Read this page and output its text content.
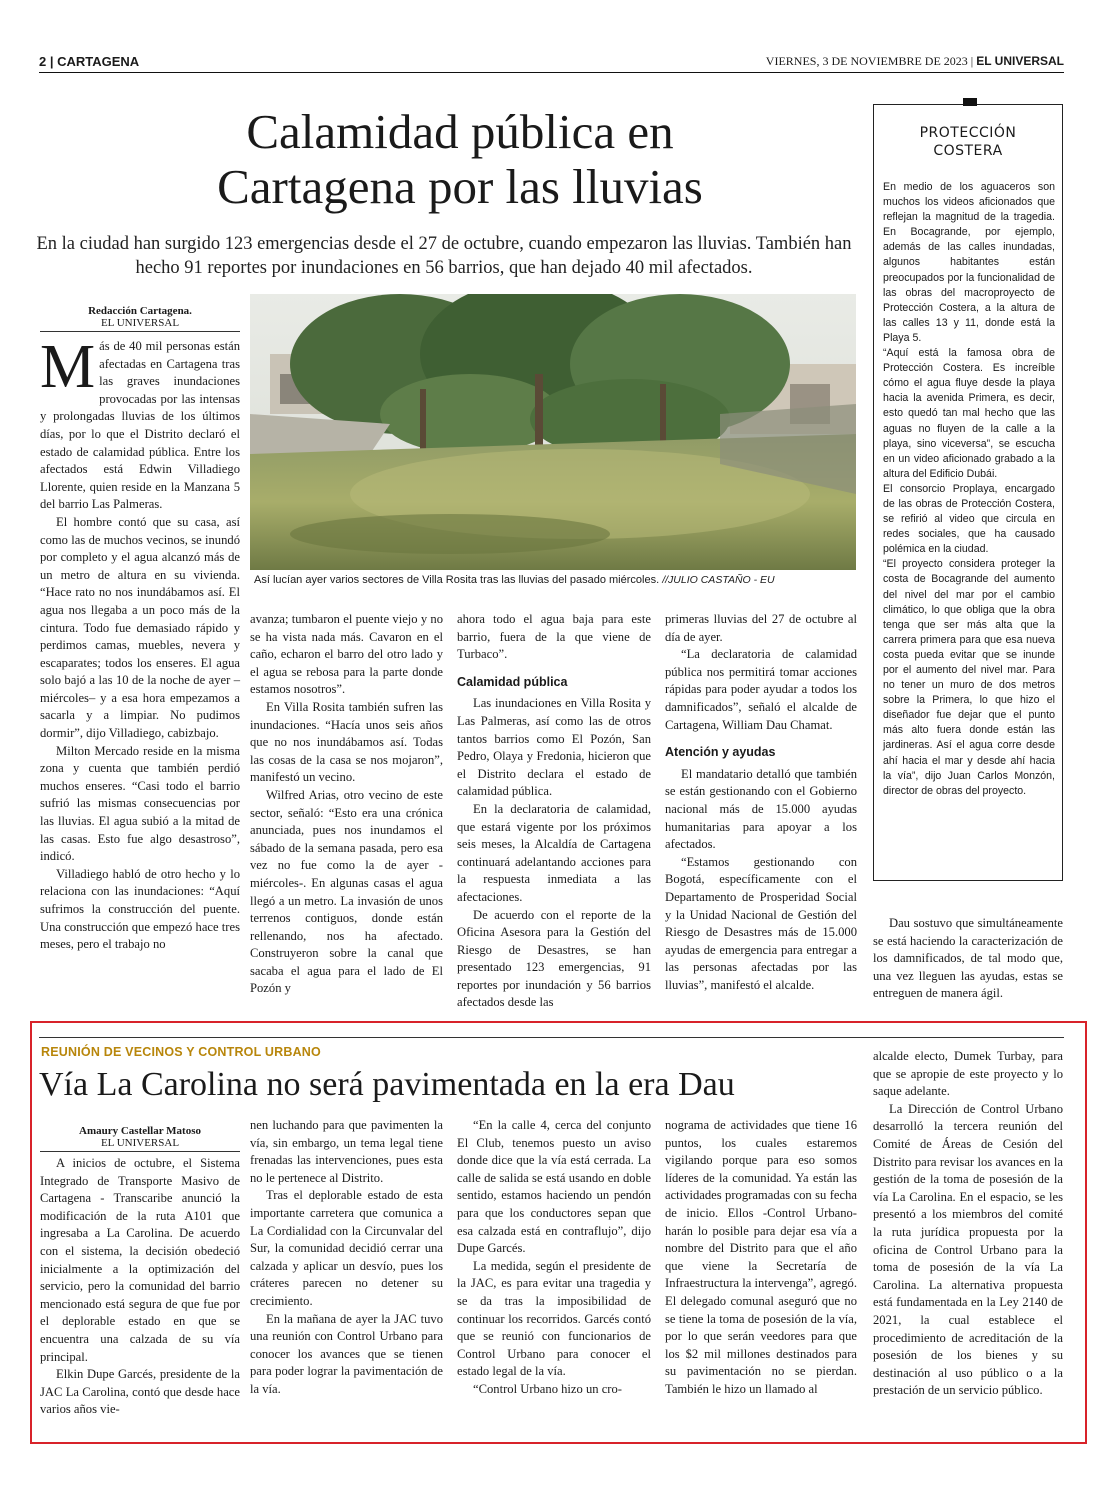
2 | CARTAGENA	VIERNES, 3 DE NOVIEMBRE DE 2023 | EL UNIVERSAL
Calamidad pública en
Cartagena por las lluvias
En la ciudad han surgido 123 emergencias desde el 27 de octubre, cuando empezaron las lluvias. También han hecho 91 reportes por inundaciones en 56 barrios, que han dejado 40 mil afectados.
PROTECCIÓN
COSTERA

En medio de los aguaceros son muchos los videos aficionados que reflejan la magnitud de la tragedia. En Bocagrande, por ejemplo, además de las calles inundadas, algunos habitantes están preocupados por la funcionalidad de las obras del macroproyecto de Protección Costera, a la altura de las calles 13 y 11, donde está la Playa 5.

“Aquí está la famosa obra de Protección Costera. Es increíble cómo el agua fluye desde la playa hacia la avenida Primera, es decir, esto quedó tan mal hecho que las aguas no fluyen de la calle a la playa, sino viceversa”, se escucha en un video aficionado grabado a la altura del Edificio Dubái.

El consorcio Proplaya, encargado de las obras de Protección Costera, se refirió al video que circula en redes sociales, que ha causado polémica en la ciudad.

“El proyecto considera proteger la costa de Bocagrande del aumento del nivel del mar por el cambio climático, lo que obliga que la obra tenga que ser más alta que la carrera primera para que esa nueva costa pueda evitar que se inunde por el aumento del nivel mar. Para no tener un muro de dos metros sobre la Primera, lo que hizo el diseñador fue dejar que el punto más alto fuera donde están las jardineras. Así el agua corre desde ahí hacia el mar y desde ahí hacia la vía”, dijo Juan Carlos Monzón, director de obras del proyecto.

Redacción Cartagena.
EL UNIVERSAL
Así lucían ayer varios sectores de Villa Rosita tras las lluvias del pasado miércoles. //JULIO CASTAÑO - EU

Más de 40 mil personas están afectadas en Cartagena tras las graves inundaciones provocadas por las intensas y prolongadas lluvias de los últimos días, por lo que el Distrito declaró el estado de calamidad pública. Entre los afectados está Edwin Villadiego Llorente, quien reside en la Manzana 5 del barrio Las Palmeras.

El hombre contó que su casa, así como las de muchos vecinos, se inundó por completo y el agua alcanzó más de un metro de altura en su vivienda. “Hace rato no nos inundábamos así. El agua nos llegaba a un poco más de la cintura. Todo fue demasiado rápido y perdimos camas, muebles, nevera y escaparates; todos los enseres. El agua solo bajó a las 10 de la noche de ayer –miércoles– y a esa hora empezamos a sacarla y a limpiar. No pudimos dormir”, dijo Villadiego, cabizbajo.

Milton Mercado reside en la misma zona y cuenta que también perdió muchos enseres. “Casi todo el barrio sufrió las mismas consecuencias por las lluvias. El agua subió a la mitad de las casas. Esto fue algo desastroso”, indicó.

Villadiego habló de otro hecho y lo relaciona con las inundaciones: “Aquí sufrimos la construcción del puente. Una construcción que empezó hace tres meses, pero el trabajo no

avanza; tumbaron el puente viejo y no se ha vista nada más. Cavaron en el caño, echaron el barro del otro lado y el agua se rebosa para la parte donde estamos nosotros”.

En Villa Rosita también sufren las inundaciones. “Hacía unos seis años que no nos inundábamos así. Todas las cosas de la casa se nos mojaron”, manifestó un vecino.

Wilfred Arias, otro vecino de este sector, señaló: “Esto era una crónica anunciada, pues nos inundamos el sábado de la semana pasada, pero esa vez no fue como la de ayer -miércoles-. En algunas casas el agua llegó a un metro. La invasión de unos terrenos contiguos, donde están rellenando, nos ha afectado. Construyeron sobre la canal que sacaba el agua para el lado de El Pozón y

ahora todo el agua baja para este barrio, fuera de la que viene de Turbaco”.

Calamidad pública

Las inundaciones en Villa Rosita y Las Palmeras, así como las de otros tantos barrios como El Pozón, San Pedro, Olaya y Fredonia, hicieron que el Distrito declara el estado de calamidad pública.

En la declaratoria de calamidad, que estará vigente por los próximos seis meses, la Alcaldía de Cartagena continuará adelantando acciones para la respuesta inmediata a las afectaciones.

De acuerdo con el reporte de la Oficina Asesora para la Gestión del Riesgo de Desastres, se han presentado 123 emergencias, 91 reportes por inundación y 56 barrios afectados desde las

primeras lluvias del 27 de octubre al día de ayer.

“La declaratoria de calamidad pública nos permitirá tomar acciones rápidas para poder ayudar a todos los damnificados”, señaló el alcalde de Cartagena, William Dau Chamat.

Atención y ayudas

El mandatario detalló que también se están gestionando con el Gobierno nacional más de 15.000 ayudas humanitarias para apoyar a los afectados.

“Estamos gestionando con Bogotá, específicamente con el Departamento de Prosperidad Social y la Unidad Nacional de Gestión del Riesgo de Desastres más de 15.000 ayudas de emergencia para entregar a las personas afectadas por las lluvias”, manifestó el alcalde.

Dau sostuvo que simultáneamente se está haciendo la caracterización de los damnificados, de tal modo que, una vez lleguen las ayudas, estas se entreguen de manera ágil.

REUNIÓN DE VECINOS Y CONTROL URBANO
Vía La Carolina no será pavimentada en la era Dau
Amaury Castellar Matoso
EL UNIVERSAL

A inicios de octubre, el Sistema Integrado de Transporte Masivo de Cartagena - Transcaribe anunció la modificación de la ruta A101 que ingresaba a La Carolina. De acuerdo con el sistema, la decisión obedeció inicialmente a la optimización del servicio, pero la comunidad del barrio mencionado está segura de que fue por el deplorable estado en que se encuentra una calzada de su vía principal.

Elkin Dupe Garcés, presidente de la JAC La Carolina, contó que desde hace varios años vie-

nen luchando para que pavimenten la vía, sin embargo, un tema legal tiene frenadas las intervenciones, pues esta no le pertenece al Distrito.

Tras el deplorable estado de esta importante carretera que comunica a La Cordialidad con la Circunvalar del Sur, la comunidad decidió cerrar una calzada y aplicar un desvío, pues los cráteres parecen no detener su crecimiento.

En la mañana de ayer la JAC tuvo una reunión con Control Urbano para conocer los avances que se tienen para poder lograr la pavimentación de la vía.

“En la calle 4, cerca del conjunto El Club, tenemos puesto un aviso donde dice que la vía está cerrada. La calle de salida se está usando en doble sentido, estamos haciendo un pendón para que los conductores sepan que esa calzada está en contraflujo”, dijo Dupe Garcés.

La medida, según el presidente de la JAC, es para evitar una tragedia y se da tras la imposibilidad de continuar los recorridos. Garcés contó que se reunió con funcionarios de Control Urbano para conocer el estado legal de la vía.

“Control Urbano hizo un cro-

nograma de actividades que tiene 16 puntos, los cuales estaremos vigilando porque para eso somos líderes de la comunidad. Ya están las actividades programadas con su fecha de inicio. Ellos -Control Urbano- harán lo posible para dejar esa vía a nombre del Distrito para que el año que viene la Secretaría de Infraestructura la intervenga”, agregó. El delegado comunal aseguró que no se tiene la toma de posesión de la vía, por lo que serán veedores para que los $2 mil millones destinados para su pavimentación no se pierdan. También le hizo un llamado al

alcalde electo, Dumek Turbay, para que se apropie de este proyecto y lo saque adelante.

La Dirección de Control Urbano desarrolló la tercera reunión del Comité de Áreas de Cesión del Distrito para revisar los avances en la gestión de la toma de posesión de la vía La Carolina. En el espacio, se les presentó a los miembros del comité la ruta jurídica propuesta por la oficina de Control Urbano para la toma de posesión de la vía La Carolina. La alternativa propuesta está fundamentada en la Ley 2140 de 2021, la cual establece el procedimiento de acreditación de la posesión de los bienes y su destinación al uso público o a la prestación de un servicio público.
